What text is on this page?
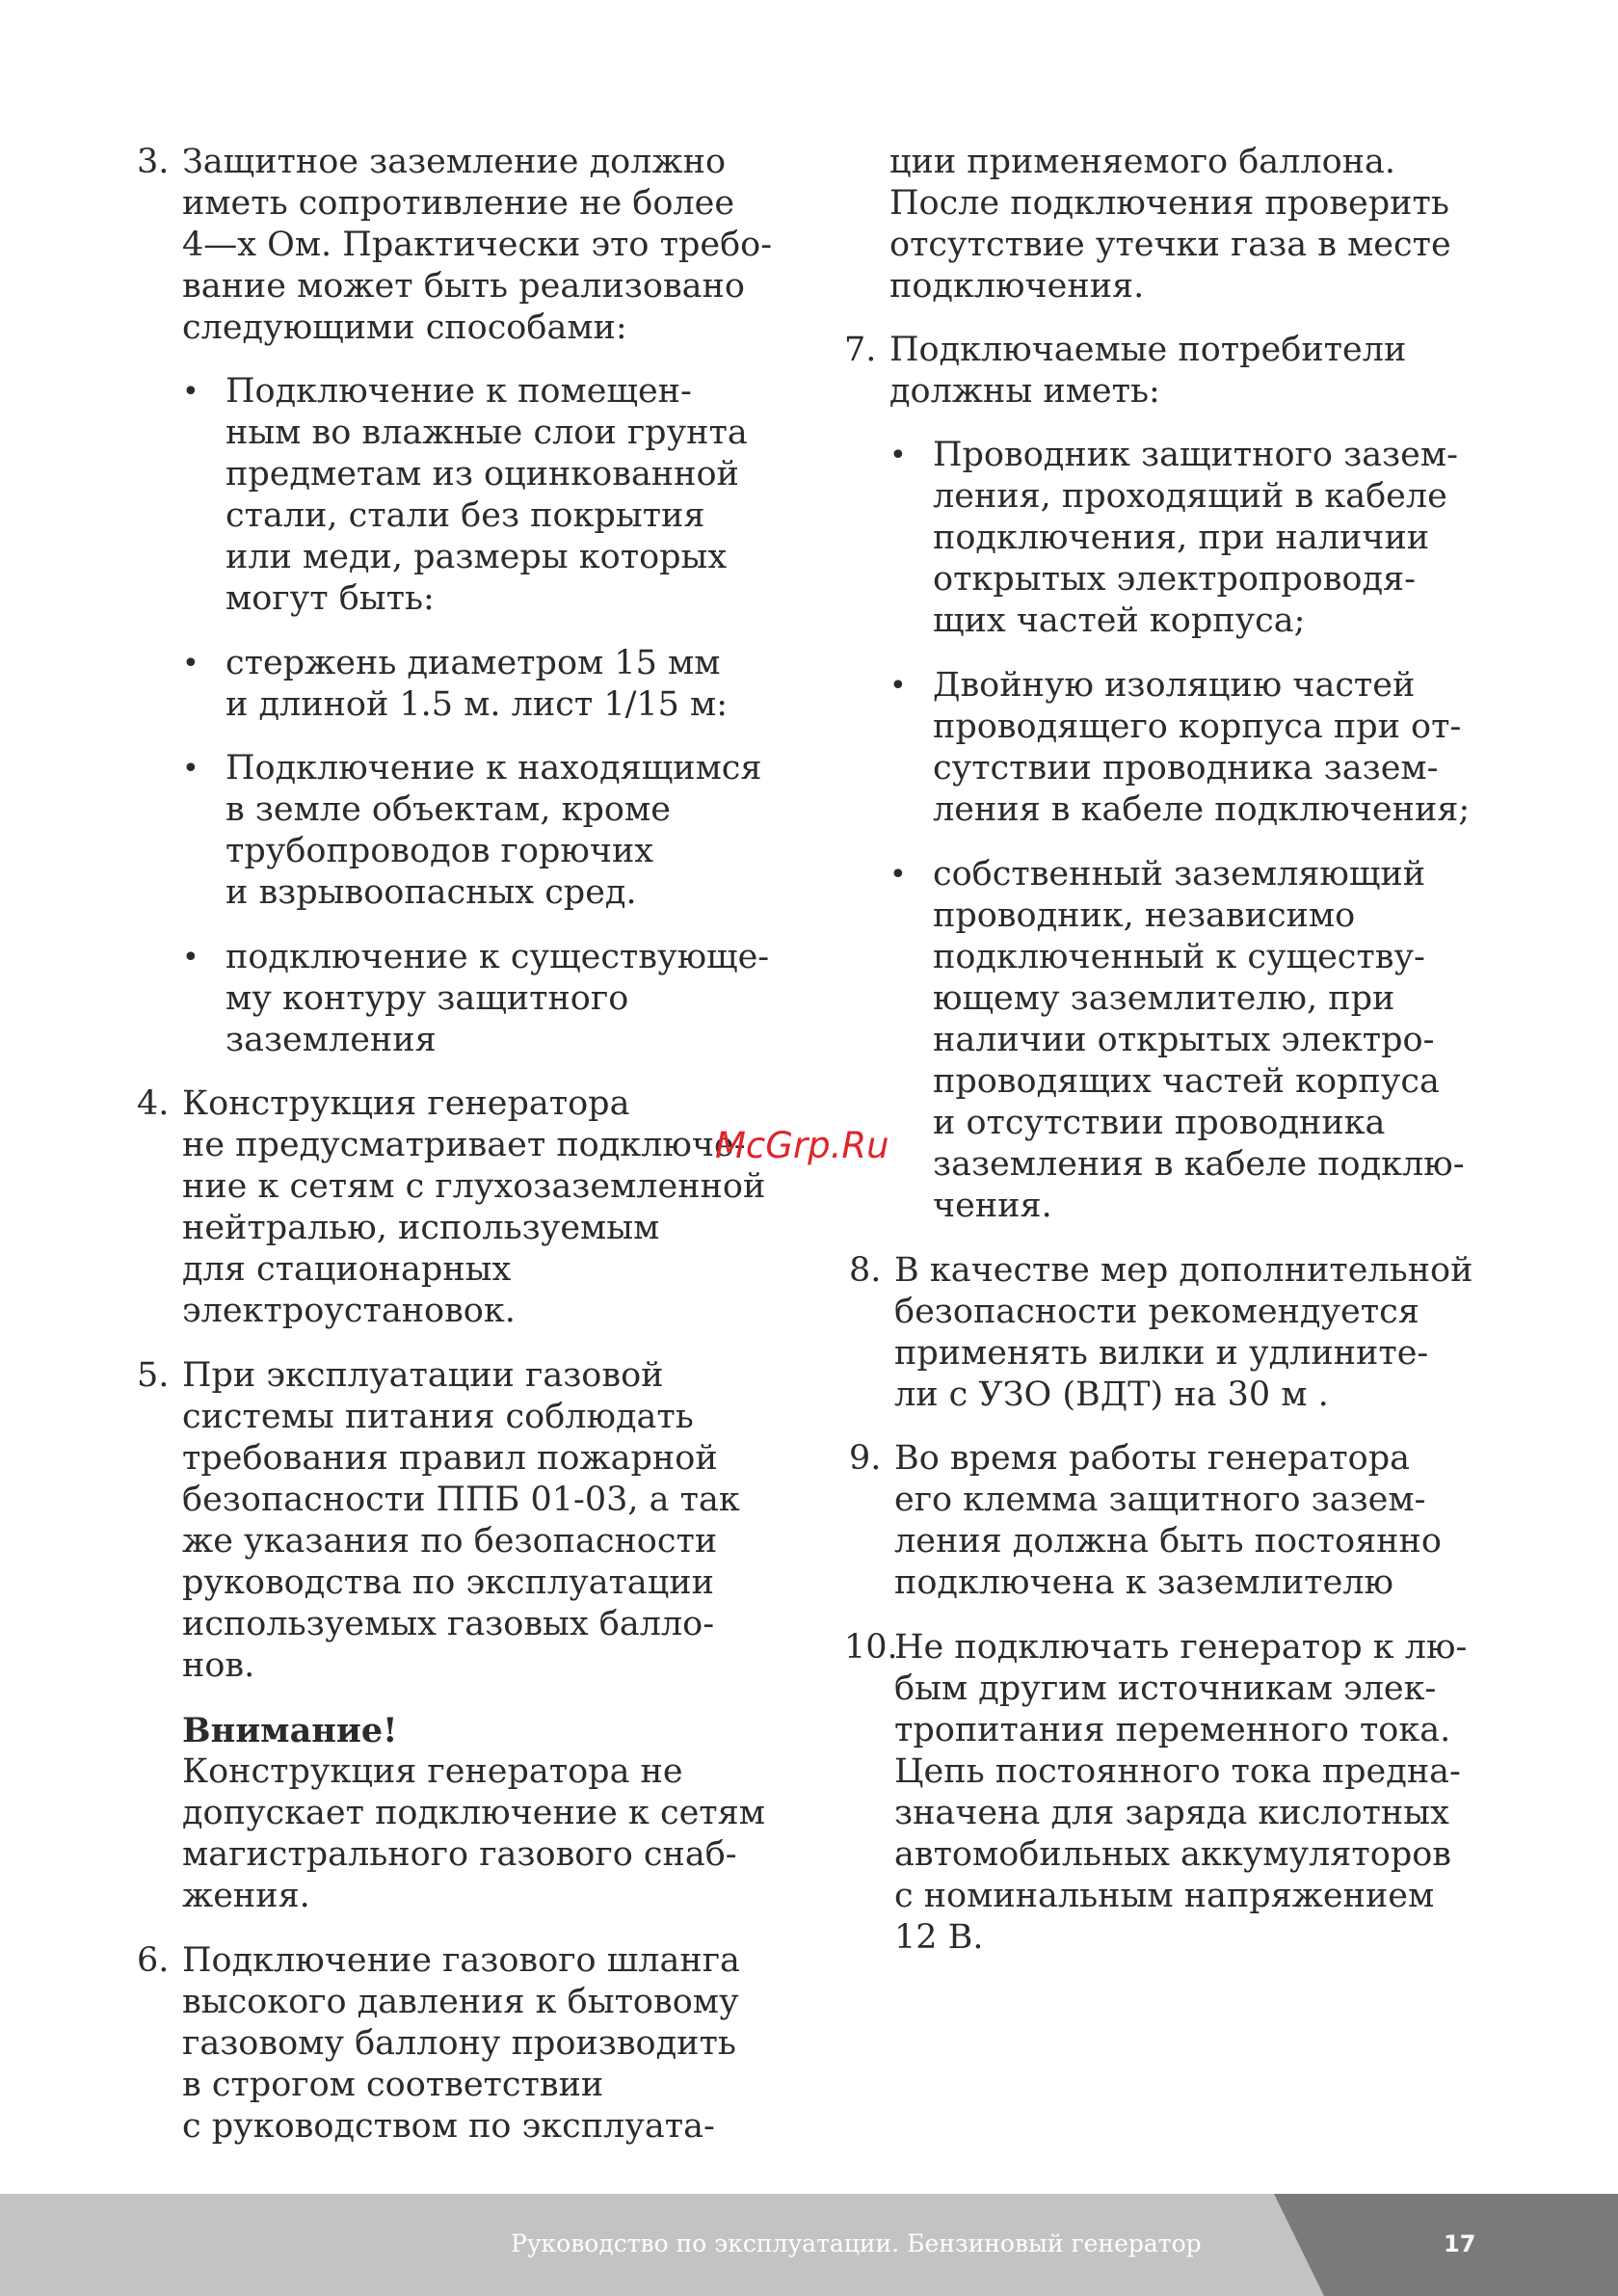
3. Защитное заземление должно
иметь сопротивление не более
4—х Ом. Практически это требо-
вание может быть реализовано
следующими способами:
• Подключение к помещен-
ным во влажные слои грунта
предметам из оцинкованной
стали, стали без покрытия
или меди, размеры которых
могут быть:
• стержень диаметром 15 мм
и длиной 1.5 м. лист 1/15 м:
• Подключение к находящимся
в земле объектам, кроме
трубопроводов горючих
и взрывоопасных сред.
• подключение к существующе-
му контуру защитного
заземления
4. Конструкция генератора
не предусматривает подключе-
ние к сетям с глухозаземленной
нейтралью, используемым
для стационарных
электроустановок.
5. При эксплуатации газовой
системы питания соблюдать
требования правил пожарной
безопасности ППБ 01-03, а так
же указания по безопасности
руководства по эксплуатации
используемых газовых балло-
нов.
Внимание!
Конструкция генератора не
допускает подключение к сетям
магистрального газового снаб-
жения.
6. Подключение газового шланга
высокого давления к бытовому
газовому баллону производить
в строгом соответствии
с руководством по эксплуата-
ции применяемого баллона.
После подключения проверить
отсутствие утечки газа в месте
подключения.
7. Подключаемые потребители
должны иметь:
• Проводник защитного зазем-
ления, проходящий в кабеле
подключения, при наличии
открытых электропроводя-
щих частей корпуса;
• Двойную изоляцию частей
проводящего корпуса при от-
сутствии проводника зазем-
ления в кабеле подключения;
• собственный заземляющий
проводник, независимо
подключенный к существу-
ющему заземлителю, при
наличии открытых электро-
проводящих частей корпуса
и отсутствии проводника
заземления в кабеле подклю-
чения.
8. В качестве мер дополнительной
безопасности рекомендуется
применять вилки и удлините-
ли с УЗО (ВДТ) на 30 м .
9. Во время работы генератора
его клемма защитного зазем-
ления должна быть постоянно
подключена к заземлителю
10.
Не подключать генератор к лю-
бым другим источникам элек-
тропитания переменного тока.
Цепь постоянного тока предна-
значена для заряда кислотных
автомобильных аккумуляторов
с номинальным напряжением
12 В.
McGrp.Ru
Руководство по эксплуатации. Бензиновый генератор	17
